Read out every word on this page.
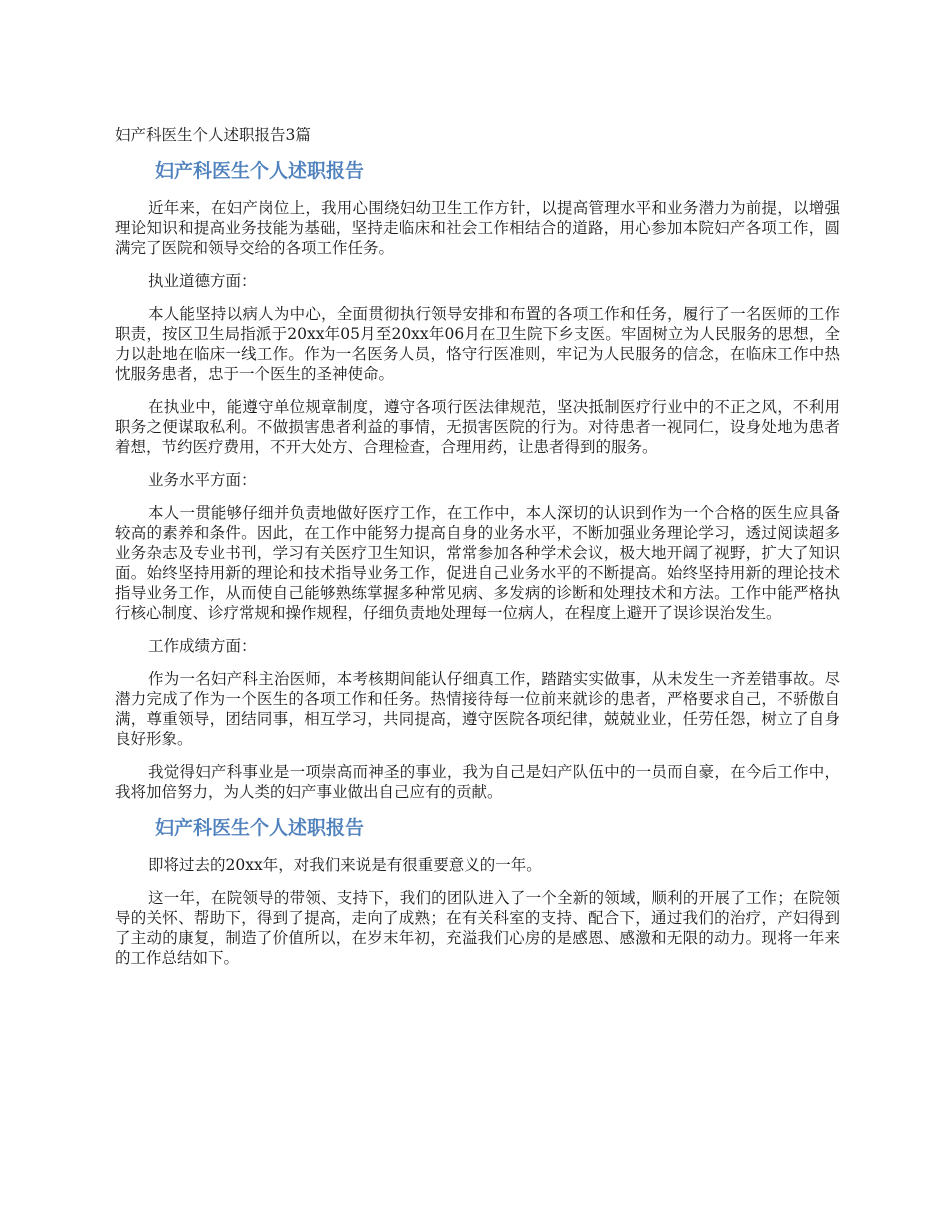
妇产科医生个人述职报告3篇
妇产科医生个人述职报告

近年来，在妇产岗位上，我用心围绕妇幼卫生工作方针，以提高管理水平和业务潜力为前提，以增强理论知识和提高业务技能为基础，坚持走临床和社会工作相结合的道路，用心参加本院妇产各项工作，圆满完了医院和领导交给的各项工作任务。

执业道德方面：

本人能坚持以病人为中心，全面贯彻执行领导安排和布置的各项工作和任务，履行了一名医师的工作职责，按区卫生局指派于20xx年05月至20xx年06月在卫生院下乡支医。牢固树立为人民服务的思想，全力以赴地在临床一线工作。作为一名医务人员，恪守行医准则，牢记为人民服务的信念，在临床工作中热忱服务患者，忠于一个医生的圣神使命。

在执业中，能遵守单位规章制度，遵守各项行医法律规范，坚决抵制医疗行业中的不正之风，不利用职务之便谋取私利。不做损害患者利益的事情，无损害医院的行为。对待患者一视同仁，设身处地为患者着想，节约医疗费用，不开大处方、合理检查，合理用药，让患者得到的服务。

业务水平方面：

本人一贯能够仔细并负责地做好医疗工作，在工作中，本人深切的认识到作为一个合格的医生应具备较高的素养和条件。因此，在工作中能努力提高自身的业务水平，不断加强业务理论学习，透过阅读超多业务杂志及专业书刊，学习有关医疗卫生知识，常常参加各种学术会议，极大地开阔了视野，扩大了知识面。始终坚持用新的理论和技术指导业务工作，促进自己业务水平的不断提高。始终坚持用新的理论技术指导业务工作，从而使自己能够熟练掌握多种常见病、多发病的诊断和处理技术和方法。工作中能严格执行核心制度、诊疗常规和操作规程，仔细负责地处理每一位病人，在程度上避开了误诊误治发生。

工作成绩方面：

作为一名妇产科主治医师，本考核期间能认仔细真工作，踏踏实实做事，从未发生一齐差错事故。尽潜力完成了作为一个医生的各项工作和任务。热情接待每一位前来就诊的患者，严格要求自己，不骄傲自满，尊重领导，团结同事，相互学习，共同提高，遵守医院各项纪律，兢兢业业，任劳任怨，树立了自身良好形象。

我觉得妇产科事业是一项崇高而神圣的事业，我为自己是妇产队伍中的一员而自豪，在今后工作中，我将加倍努力，为人类的妇产事业做出自己应有的贡献。

妇产科医生个人述职报告

即将过去的20xx年，对我们来说是有很重要意义的一年。

这一年，在院领导的带领、支持下，我们的团队进入了一个全新的领域，顺利的开展了工作；在院领导的关怀、帮助下，得到了提高，走向了成熟；在有关科室的支持、配合下，通过我们的治疗，产妇得到了主动的康复，制造了价值所以，在岁末年初，充溢我们心房的是感恩、感激和无限的动力。现将一年来的工作总结如下。
